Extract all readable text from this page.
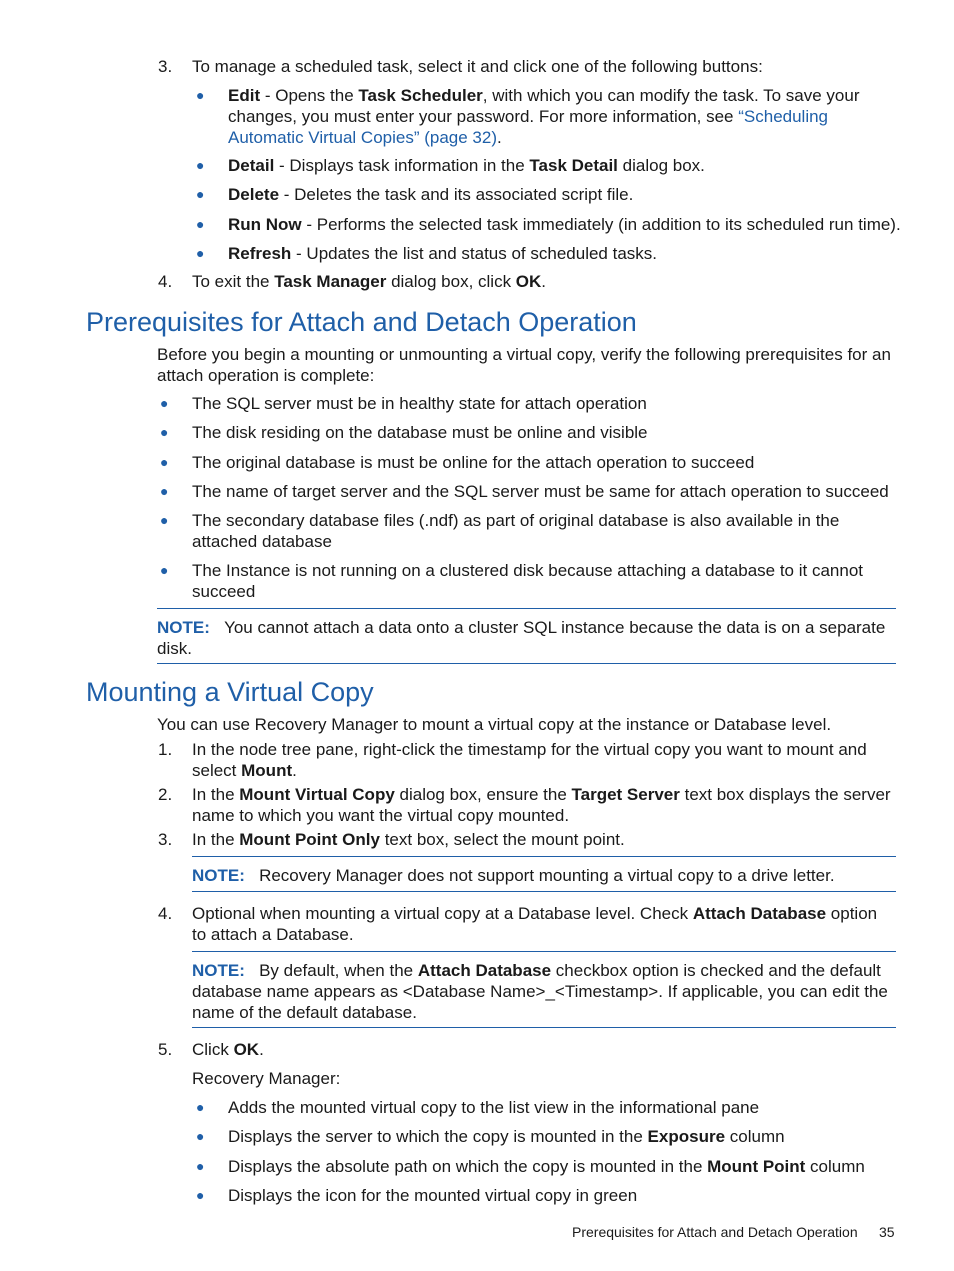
3. To manage a scheduled task, select it and click one of the following buttons:

● Edit - Opens the Task Scheduler, with which you can modify the task. To save your changes, you must enter your password. For more information, see “Scheduling Automatic Virtual Copies” (page 32).

● Detail - Displays task information in the Task Detail dialog box.

● Delete - Deletes the task and its associated script file.

● Run Now - Performs the selected task immediately (in addition to its scheduled run time).

● Refresh - Updates the list and status of scheduled tasks.

4. To exit the Task Manager dialog box, click OK.

Prerequisites for Attach and Detach Operation

Before you begin a mounting or unmounting a virtual copy, verify the following prerequisites for an attach operation is complete:

● The SQL server must be in healthy state for attach operation

● The disk residing on the database must be online and visible

● The original database is must be online for the attach operation to succeed

● The name of target server and the SQL server must be same for attach operation to succeed

● The secondary database files (.ndf) as part of original database is also available in the attached database

● The Instance is not running on a clustered disk because attaching a database to it cannot succeed

NOTE: You cannot attach a data onto a cluster SQL instance because the data is on a separate disk.

Mounting a Virtual Copy

You can use Recovery Manager to mount a virtual copy at the instance or Database level.

1. In the node tree pane, right-click the timestamp for the virtual copy you want to mount and select Mount.

2. In the Mount Virtual Copy dialog box, ensure the Target Server text box displays the server name to which you want the virtual copy mounted.

3. In the Mount Point Only text box, select the mount point.

NOTE: Recovery Manager does not support mounting a virtual copy to a drive letter.

4. Optional when mounting a virtual copy at a Database level. Check Attach Database option to attach a Database.

NOTE: By default, when the Attach Database checkbox option is checked and the default database name appears as <Database Name>_<Timestamp>. If applicable, you can edit the name of the default database.

5. Click OK.

Recovery Manager:

● Adds the mounted virtual copy to the list view in the informational pane

● Displays the server to which the copy is mounted in the Exposure column

● Displays the absolute path on which the copy is mounted in the Mount Point column

● Displays the icon for the mounted virtual copy in green

Prerequisites for Attach and Detach Operation 35
